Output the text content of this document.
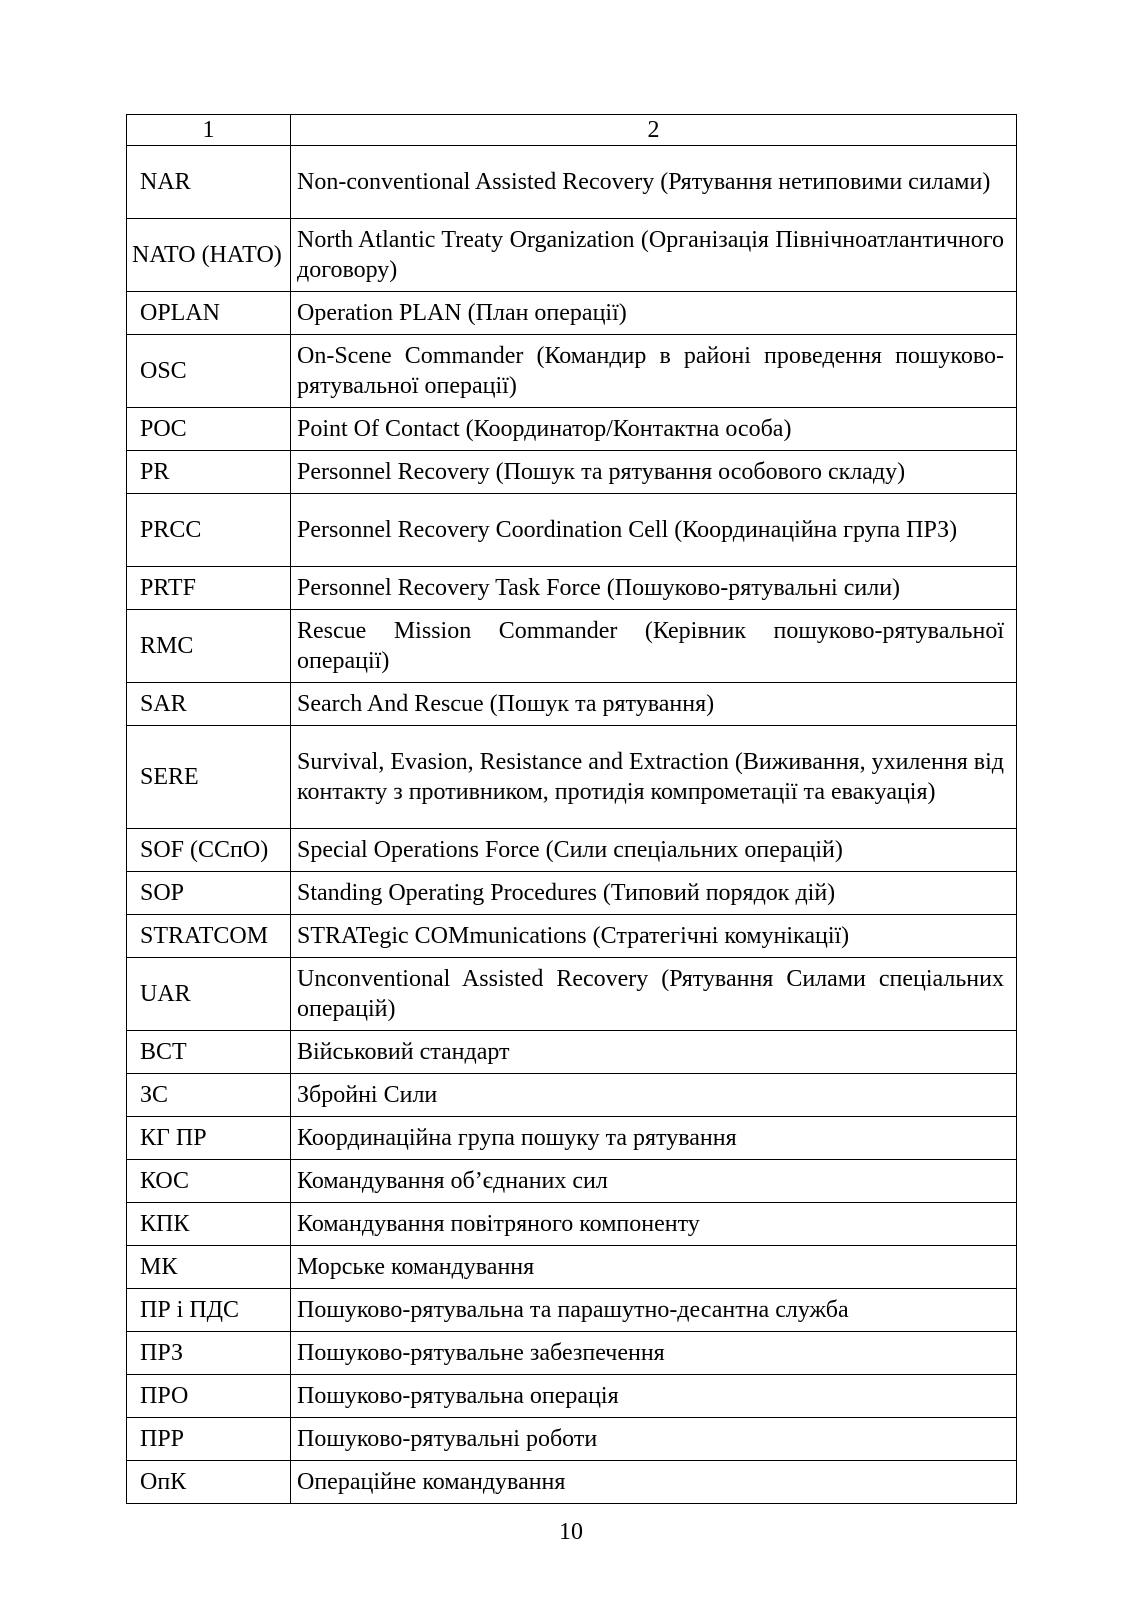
1	2
NAR	Non-conventional Assisted Recovery (Рятування нетиповими силами)
NATO (НАТО)	North Atlantic Treaty Organization (Організація Північноатлантичного договору)
OPLAN	Operation PLAN (План операції)
OSC	On-Scene Commander (Командир в районі проведення пошуково-рятувальної операції)
POC	Point Of Contact (Координатор/Контактна особа)
PR	Personnel Recovery (Пошук та рятування особового складу)
PRCC	Personnel Recovery Coordination Cell (Координаційна група ПРЗ)
PRTF	Personnel Recovery Task Force (Пошуково-рятувальні сили)
RMC	Rescue Mission Commander (Керівник пошуково-рятувальної операції)
SAR	Search And Rescue (Пошук та рятування)
SERE	Survival, Evasion, Resistance and Extraction (Виживання, ухилення від контакту з противником, протидія компрометації та евакуація)
SOF (ССпО)	Special Operations Force (Сили спеціальних операцій)
SOP	Standing Operating Procedures (Типовий порядок дій)
STRATCOM	STRATegic COMmunications (Стратегічні комунікації)
UAR	Unconventional Assisted Recovery (Рятування Силами спеціальних операцій)
ВСТ	Військовий стандарт
ЗС	Збройні Сили
КГ ПР	Координаційна група пошуку та рятування
КОС	Командування об’єднаних сил
КПК	Командування повітряного компоненту
МК	Морське командування
ПР і ПДС	Пошуково-рятувальна та парашутно-десантна служба
ПРЗ	Пошуково-рятувальне забезпечення
ПРО	Пошуково-рятувальна операція
ПРР	Пошуково-рятувальні роботи
ОпК	Операційне командування
10
